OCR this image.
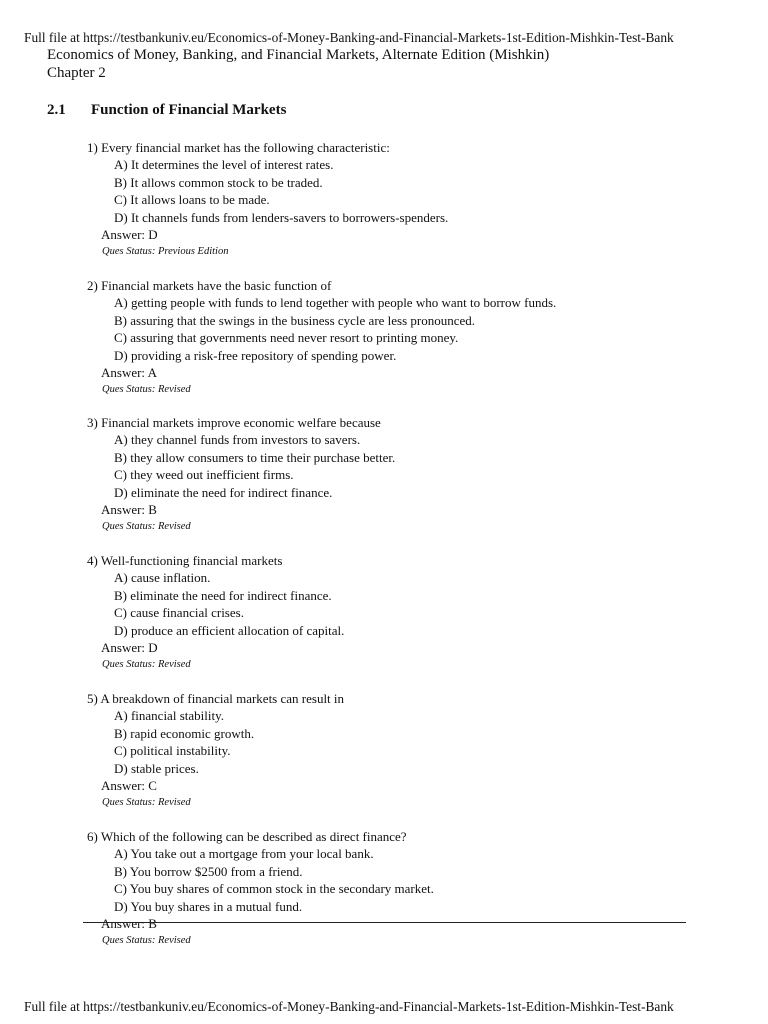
Full file at https://testbankuniv.eu/Economics-of-Money-Banking-and-Financial-Markets-1st-Edition-Mishkin-Test-Bank
Economics of Money, Banking, and Financial Markets, Alternate Edition (Mishkin)
Chapter 2
2.1 Function of Financial Markets
1) Every financial market has the following characteristic:
A) It determines the level of interest rates.
B) It allows common stock to be traded.
C) It allows loans to be made.
D) It channels funds from lenders-savers to borrowers-spenders.
Answer: D
Ques Status: Previous Edition
2) Financial markets have the basic function of
A) getting people with funds to lend together with people who want to borrow funds.
B) assuring that the swings in the business cycle are less pronounced.
C) assuring that governments need never resort to printing money.
D) providing a risk-free repository of spending power.
Answer: A
Ques Status: Revised
3) Financial markets improve economic welfare because
A) they channel funds from investors to savers.
B) they allow consumers to time their purchase better.
C) they weed out inefficient firms.
D) eliminate the need for indirect finance.
Answer: B
Ques Status: Revised
4) Well-functioning financial markets
A) cause inflation.
B) eliminate the need for indirect finance.
C) cause financial crises.
D) produce an efficient allocation of capital.
Answer: D
Ques Status: Revised
5) A breakdown of financial markets can result in
A) financial stability.
B) rapid economic growth.
C) political instability.
D) stable prices.
Answer: C
Ques Status: Revised
6) Which of the following can be described as direct finance?
A) You take out a mortgage from your local bank.
B) You borrow $2500 from a friend.
C) You buy shares of common stock in the secondary market.
D) You buy shares in a mutual fund.
Answer: B
Ques Status: Revised
Full file at https://testbankuniv.eu/Economics-of-Money-Banking-and-Financial-Markets-1st-Edition-Mishkin-Test-Bank
